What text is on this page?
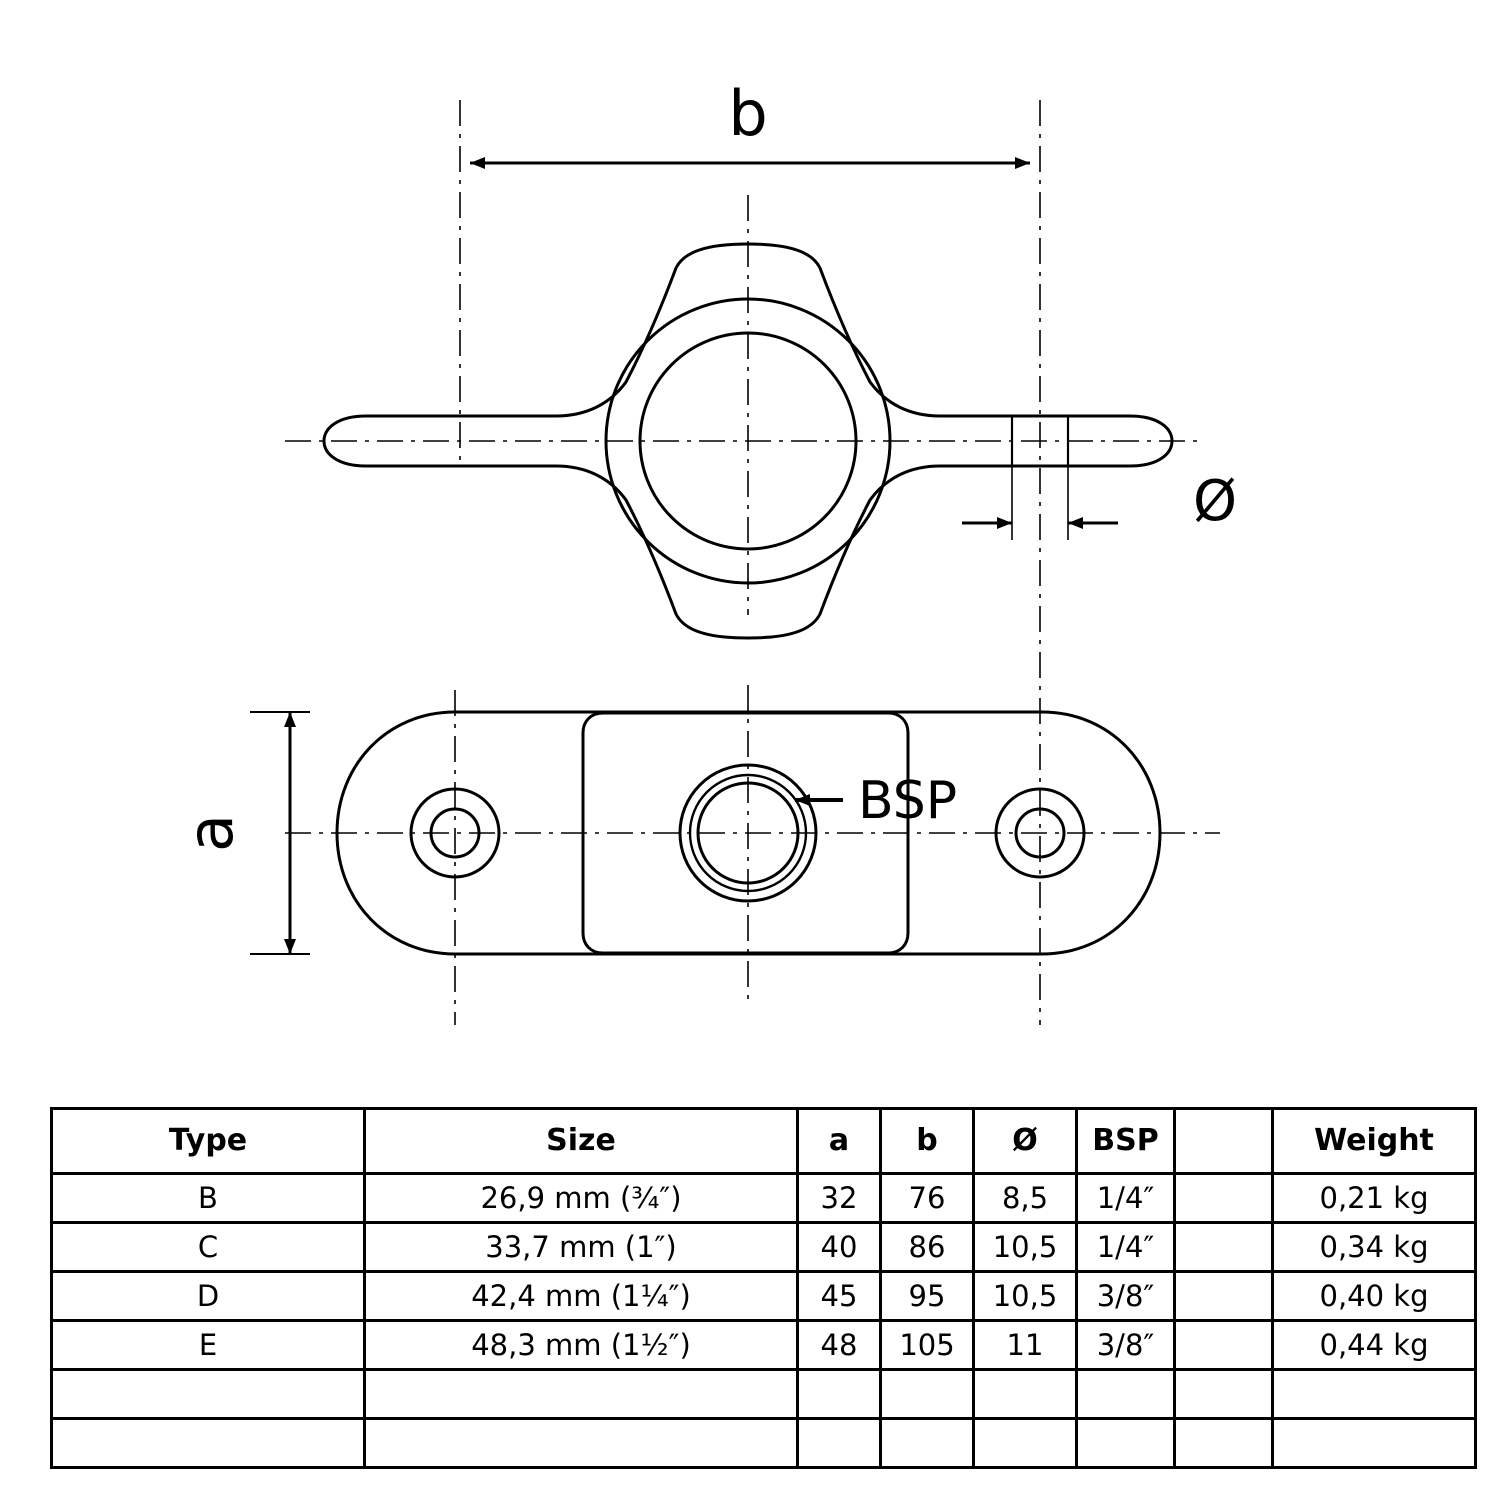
b
Ø
a
BSP
Type	Size	a	b	Ø	BSP		Weight
B	26,9 mm (¾″)	32	76	8,5	1/4″		0,21 kg
C	33,7 mm (1″)	40	86	10,5	1/4″		0,34 kg
D	42,4 mm (1¼″)	45	95	10,5	3/8″		0,40 kg
E	48,3 mm (1½″)	48	105	11	3/8″		0,44 kg
